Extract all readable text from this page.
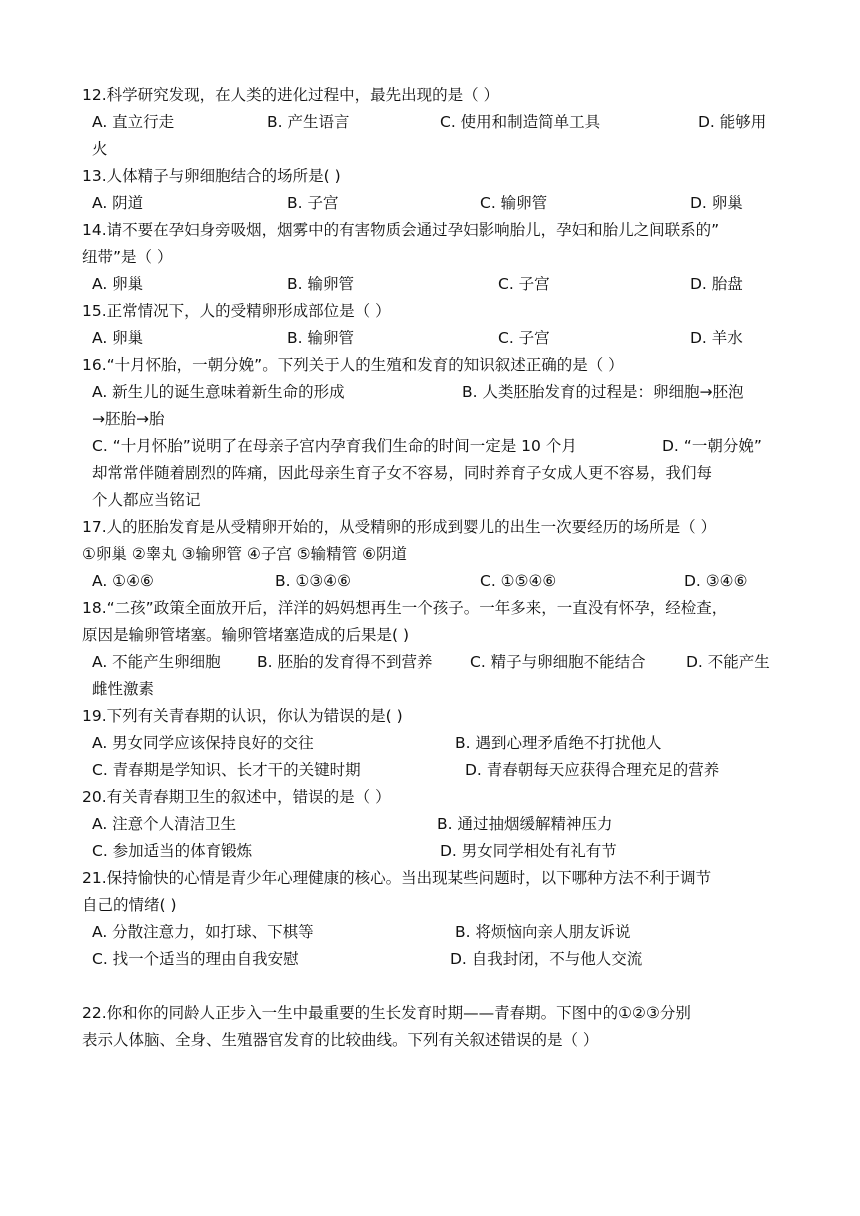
12.科学研究发现，在人类的进化过程中，最先出现的是（ ）
A. 直立行走	B. 产生语言	C. 使用和制造简单工具	D. 能够用
火
13.人体精子与卵细胞结合的场所是( )
A. 阴道	B. 子宫	C. 输卵管	D. 卵巢
14.请不要在孕妇身旁吸烟，烟雾中的有害物质会通过孕妇影响胎儿，孕妇和胎儿之间联系的”
纽带”是（ ）
A. 卵巢	B. 输卵管	C. 子宫	D. 胎盘
15.正常情况下，人的受精卵形成部位是（ ）
A. 卵巢	B. 输卵管	C. 子宫	D. 羊水
16.“十月怀胎，一朝分娩”。下列关于人的生殖和发育的知识叙述正确的是（ ）
A. 新生儿的诞生意味着新生命的形成	B. 人类胚胎发育的过程是：卵细胞→胚泡
→胚胎→胎
C. “十月怀胎”说明了在母亲子宫内孕育我们生命的时间一定是 10 个月	D. “一朝分娩”
却常常伴随着剧烈的阵痛，因此母亲生育子女不容易，同时养育子女成人更不容易，我们每
个人都应当铭记
17.人的胚胎发育是从受精卵开始的，从受精卵的形成到婴儿的出生一次要经历的场所是（ ）
①卵巢 ②睾丸 ③输卵管 ④子宫 ⑤输精管 ⑥阴道
A. ①④⑥	B. ①③④⑥	C. ①⑤④⑥	D. ③④⑥
18.“二孩”政策全面放开后，洋洋的妈妈想再生一个孩子。一年多来，一直没有怀孕，经检查，
原因是输卵管堵塞。输卵管堵塞造成的后果是( )
A. 不能产生卵细胞 B. 胚胎的发育得不到营养 C. 精子与卵细胞不能结合	D. 不能产生
雌性激素
19.下列有关青春期的认识，你认为错误的是( )
A. 男女同学应该保持良好的交往	B. 遇到心理矛盾绝不打扰他人
C. 青春期是学知识、长才干的关键时期	D. 青春朝每天应获得合理充足的营养
20.有关青春期卫生的叙述中，错误的是（ ）
A. 注意个人清洁卫生	B. 通过抽烟缓解精神压力
C. 参加适当的体育锻炼	D. 男女同学相处有礼有节
21.保持愉快的心情是青少年心理健康的核心。当出现某些问题时，以下哪种方法不利于调节
自己的情绪( )
A. 分散注意力，如打球、下棋等	B. 将烦恼向亲人朋友诉说
C. 找一个适当的理由自我安慰	D. 自我封闭，不与他人交流
22.你和你的同龄人正步入一生中最重要的生长发育时期——青春期。下图中的①②③分别
表示人体脑、全身、生殖器官发育的比较曲线。下列有关叙述错误的是（ ）
